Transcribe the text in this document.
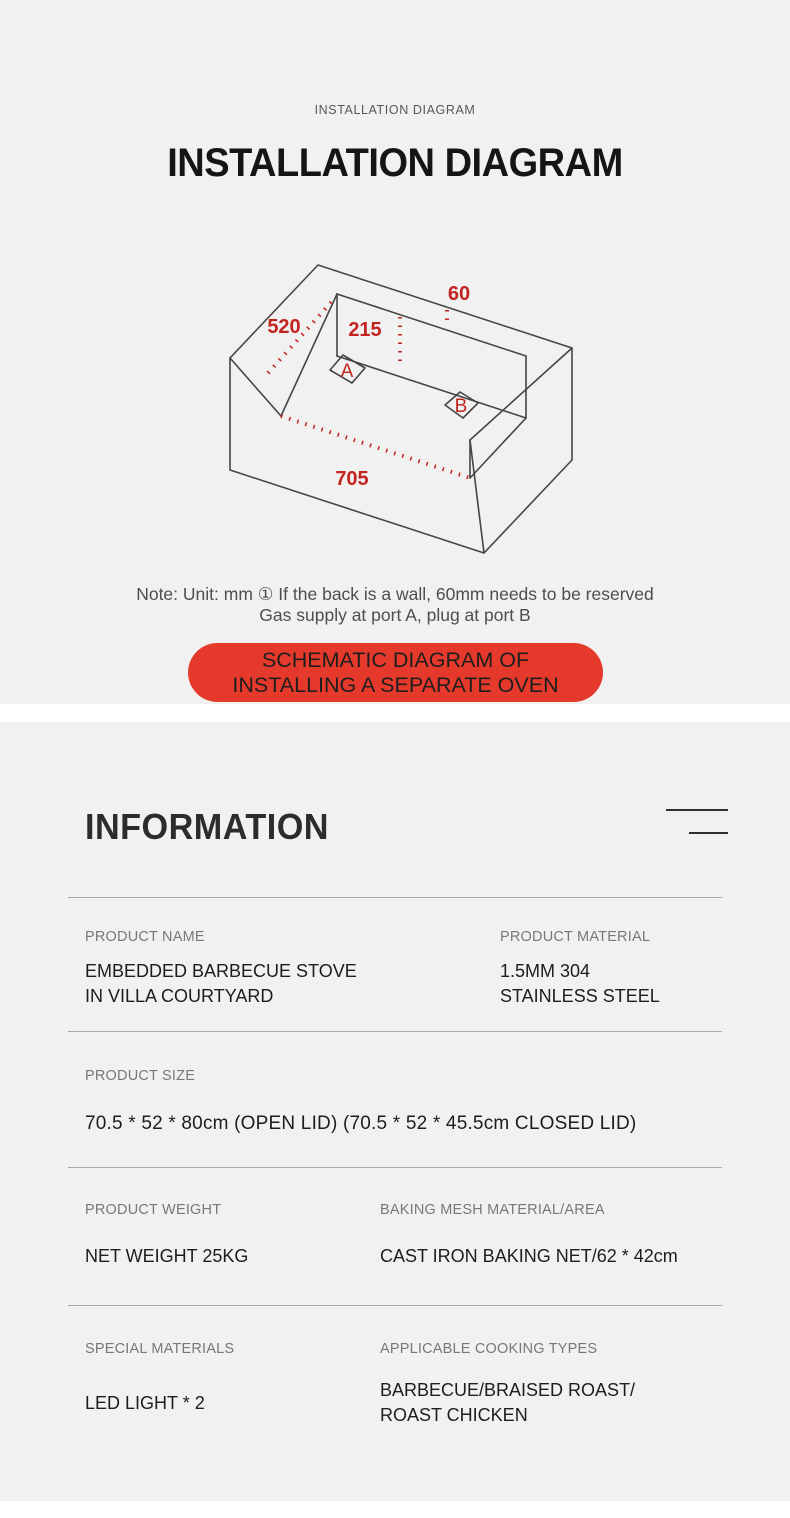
INSTALLATION DIAGRAM
INSTALLATION DIAGRAM
520 215
60
705
A
B
Note: Unit: mm ① If the back is a wall, 60mm needs to be reserved
Gas supply at port A, plug at port B
SCHEMATIC DIAGRAM OF
INSTALLING A SEPARATE OVEN
INFORMATION
PRODUCT NAME
EMBEDDED BARBECUE STOVE
IN VILLA COURTYARD
PRODUCT MATERIAL
1.5MM 304
STAINLESS STEEL
PRODUCT SIZE
70.5 * 52 * 80cm (OPEN LID) (70.5 * 52 * 45.5cm CLOSED LID)
PRODUCT WEIGHT
NET WEIGHT 25KG
BAKING MESH MATERIAL/AREA
CAST IRON BAKING NET/62 * 42cm
SPECIAL MATERIALS
LED LIGHT * 2
APPLICABLE COOKING TYPES
BARBECUE/BRAISED ROAST/
ROAST CHICKEN
